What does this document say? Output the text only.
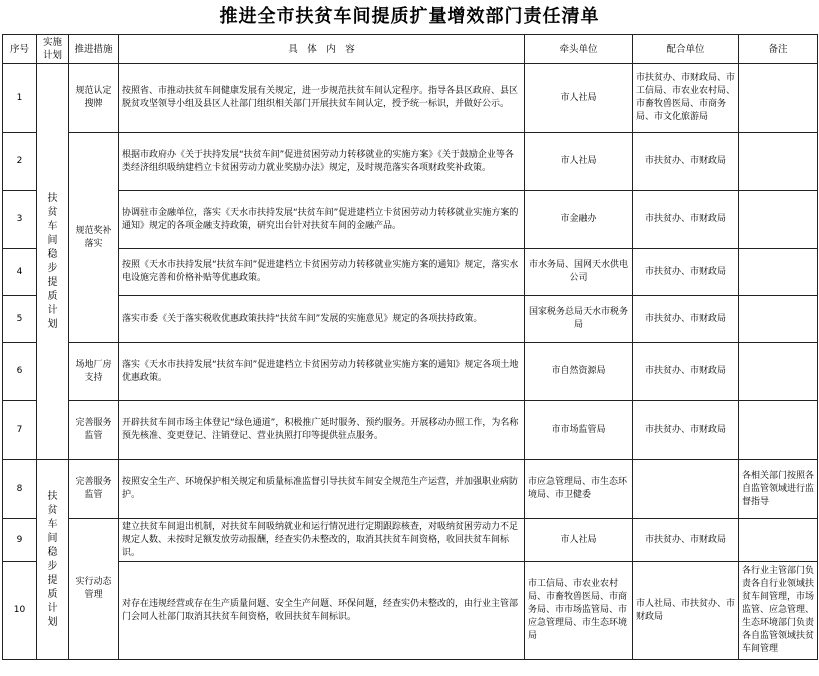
推进全市扶贫车间提质扩量增效部门责任清单
序号	实施计划	推进措施	具　体　内　容	牵头单位	配合单位	备注
1	扶贫车间稳步提质计划	规范认定搜牌	按照省、市推动扶贫车间健康发展有关规定，进一步规范扶贫车间认定程序。指导各县区政府、县区脱贫攻坚领导小组及县区人社部门组织相关部门开展扶贫车间认定，授予统一标识，并做好公示。	市人社局	市扶贫办、市财政局、市工信局、市农业农村局、市畜牧兽医局、市商务局、市文化旅游局	
2		规范奖补落实	根据市政府办《关于扶持发展“扶贫车间”促进贫困劳动力转移就业的实施方案》《关于鼓励企业等各类经济组织吸纳建档立卡贫困劳动力就业奖励办法》规定，及时规范落实各项财政奖补政策。	市人社局	市扶贫办、市财政局	
3			协调驻市金融单位，落实《天水市扶持发展“扶贫车间”促进建档立卡贫困劳动力转移就业实施方案的通知》规定的各项金融支持政策，研究出台针对扶贫车间的金融产品。	市金融办	市扶贫办、市财政局	
4			按照《天水市扶持发展“扶贫车间”促进建档立卡贫困劳动力转移就业实施方案的通知》规定，落实水电设施完善和价格补贴等优惠政策。	市水务局、国网天水供电公司	市扶贫办、市财政局	
5			落实市委《关于落实税收优惠政策扶持“扶贫车间”发展的实施意见》规定的各项扶持政策。	国家税务总局天水市税务局	市扶贫办、市财政局	
6		场地厂房支持	落实《天水市扶持发展“扶贫车间”促进建档立卡贫困劳动力转移就业实施方案的通知》规定各项土地优惠政策。	市自然资源局	市扶贫办、市财政局	
7		完善服务监管	开辟扶贫车间市场主体登记“绿色通道”，积极推广延时服务、预约服务。开展移动办照工作，为名称预先核准、变更登记、注销登记、营业执照打印等提供驻点服务。	市市场监管局	市扶贫办、市财政局	
8	扶贫车间稳步提质计划	完善服务监管	按照安全生产、环境保护相关规定和质量标准监督引导扶贫车间安全规范生产运营，并加强职业病防护。	市应急管理局、市生态环境局、市卫健委		各相关部门按照各自监管领域进行监督指导
9		实行动态管理	建立扶贫车间退出机制，对扶贫车间吸纳就业和运行情况进行定期跟踪核查，对吸纳贫困劳动力不足规定人数、未按时足额发放劳动报酬，经查实仍未整改的，取消其扶贫车间资格，收回扶贫车间标识。	市人社局	市扶贫办、市财政局	
10			对存在违规经营或存在生产质量问题、安全生产问题、环保问题，经查实仍未整改的，由行业主管部门会同人社部门取消其扶贫车间资格，收回扶贫车间标识。	市工信局、市农业农村局、市畜牧兽医局、市商务局、市市场监管局、市应急管理局、市生态环境局	市人社局、市扶贫办、市财政局	各行业主管部门负责各自行业领域扶贫车间管理，市场监管、应急管理、生态环境部门负责各自监管领域扶贫车间管理
